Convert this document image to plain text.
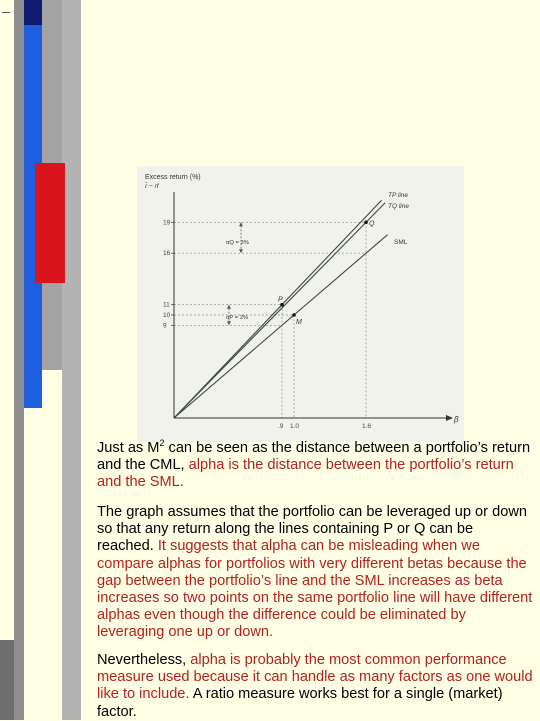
Excess return (%)
r̄ − rf
β
19
16
11
10
9
.9 1.0	1.6
TP line
TQ line
SML
αQ = 3%
αP = 2%
P
Q
M

Just as $M^2$ can be seen as the distance between a portfolio’s return and the CML, alpha is the distance between the portfolio’s return and the SML.

The graph assumes that the portfolio can be leveraged up or down so that any return along the lines containing P or Q can be reached. It suggests that alpha can be misleading when we compare alphas for portfolios with very different betas because the gap between the portfolio’s line and the SML increases as beta increases so two points on the same portfolio line will have different alphas even though the difference could be eliminated by leveraging one up or down.

Nevertheless, alpha is probably the most common performance measure used because it can handle as many factors as one would like to include. A ratio measure works best for a single (market) factor.
